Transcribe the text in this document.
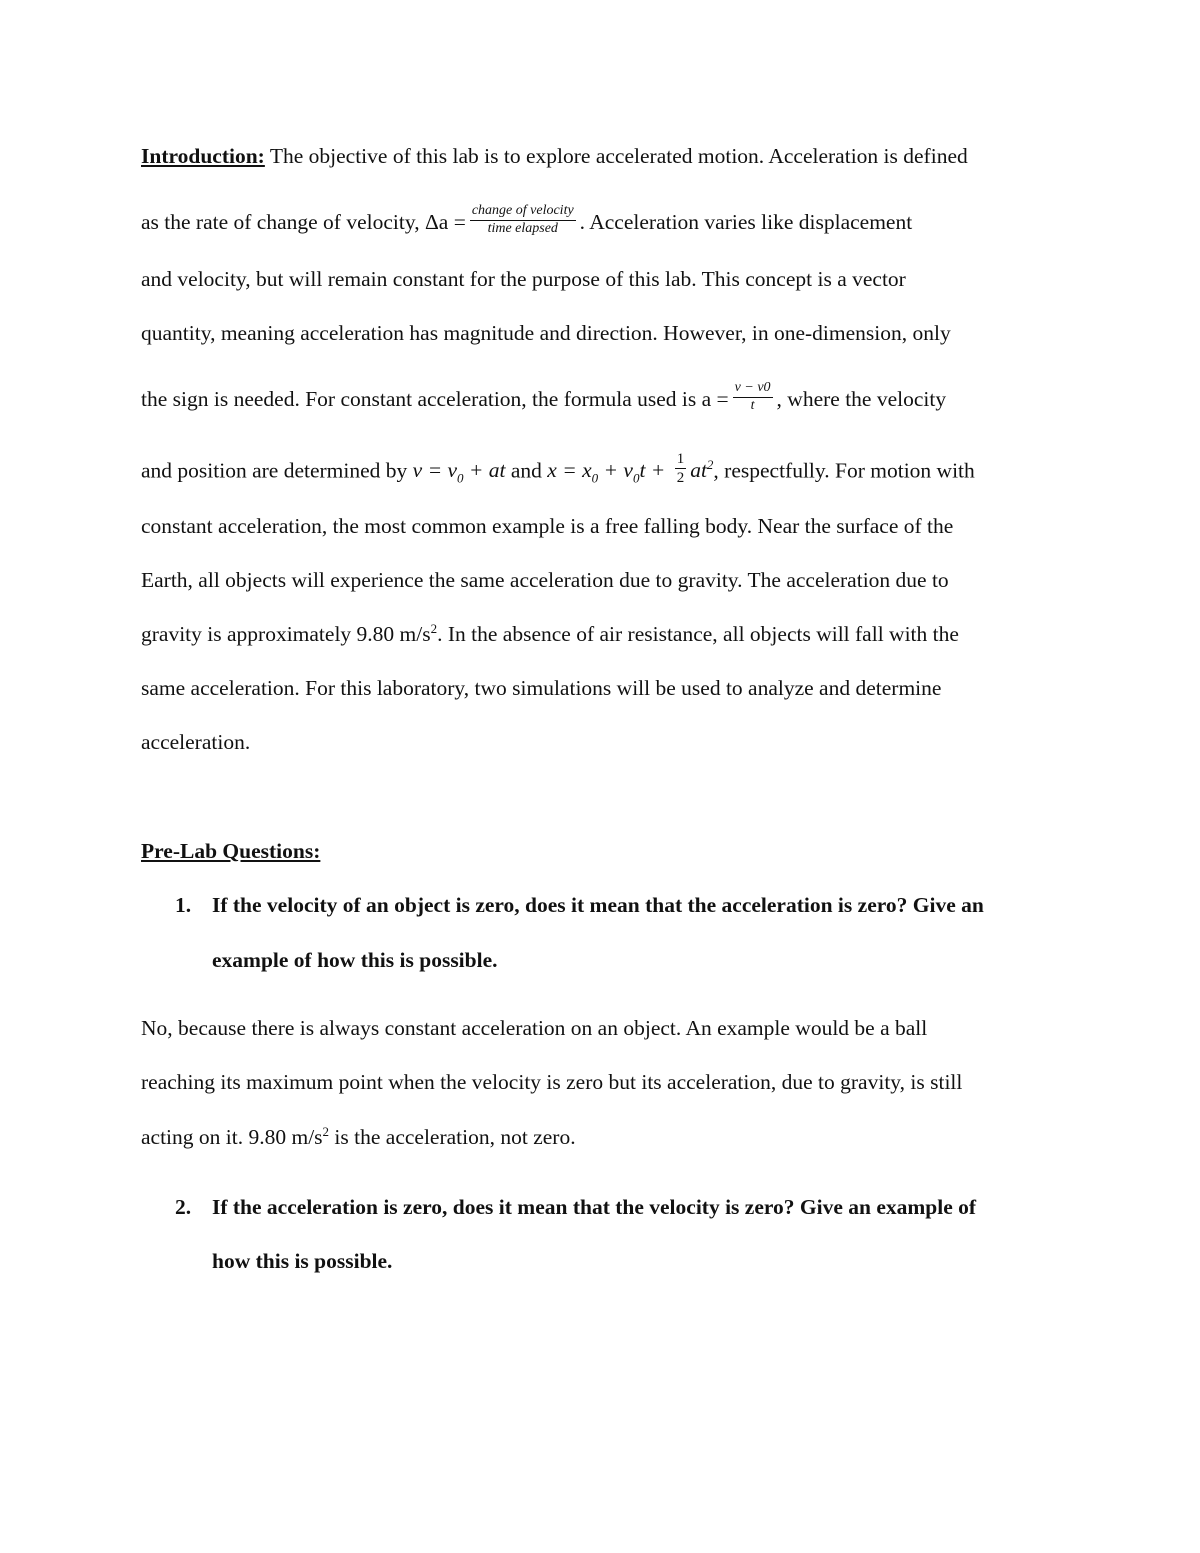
Introduction: The objective of this lab is to explore accelerated motion. Acceleration is defined
as the rate of change of velocity, $\Delta a = \frac{\text{change of velocity}}{\text{time elapsed}}$ . Acceleration varies like displacement
and velocity, but will remain constant for the purpose of this lab. This concept is a vector
quantity, meaning acceleration has magnitude and direction. However, in one-dimension, only
the sign is needed. For constant acceleration, the formula used is $a = \frac{v - v0}{t}$ , where the velocity
and position are determined by $v = v_0$ + at and $x = x_0 + v_0t + \frac{1}{2} at^2$, respectfully. For motion with
constant acceleration, the most common example is a free falling body. Near the surface of the
Earth, all objects will experience the same acceleration due to gravity. The acceleration due to
gravity is approximately 9.80 $m/s^2$. In the absence of air resistance, all objects will fall with the
same acceleration. For this laboratory, two simulations will be used to analyze and determine
acceleration.
Pre-Lab Questions:
1. If the velocity of an object is zero, does it mean that the acceleration is zero? Give an
example of how this is possible.
No, because there is always constant acceleration on an object. An example would be a ball
reaching its maximum point when the velocity is zero but its acceleration, due to gravity, is still
acting on it. 9.80 $m/s^2$ is the acceleration, not zero.
2. If the acceleration is zero, does it mean that the velocity is zero? Give an example of
how this is possible.
